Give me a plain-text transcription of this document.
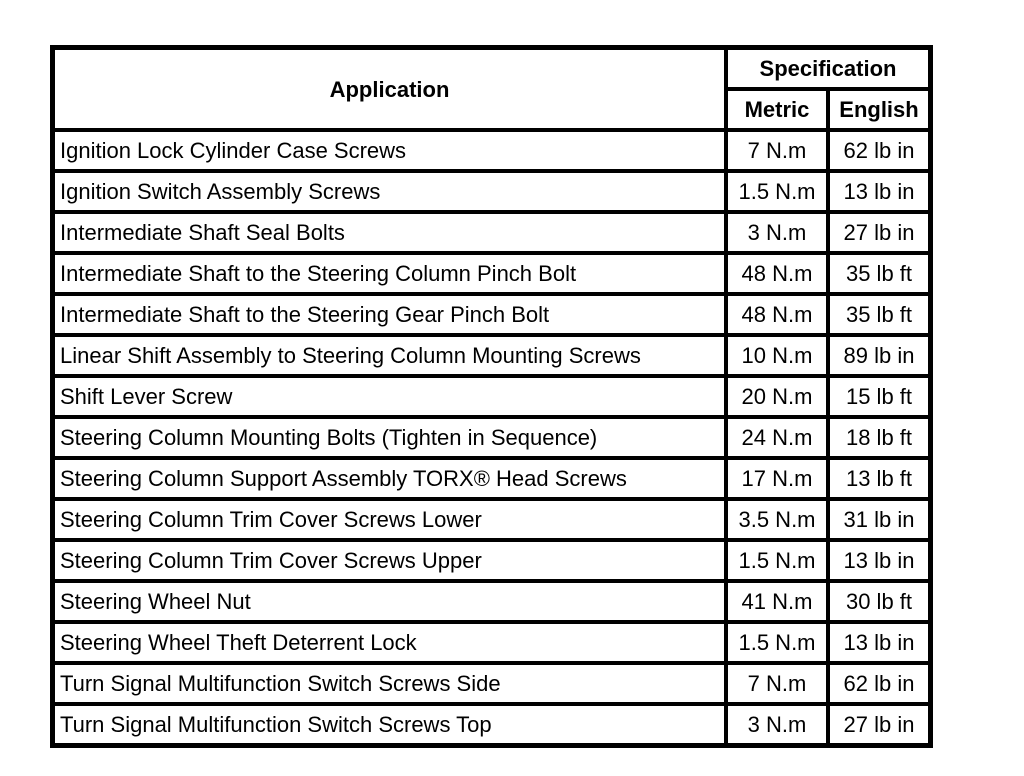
Application	Specification	
	Metric	English
Ignition Lock Cylinder Case Screws	7 N.m	62 lb in
Ignition Switch Assembly Screws	1.5 N.m	13 lb in
Intermediate Shaft Seal Bolts	3 N.m	27 lb in
Intermediate Shaft to the Steering Column Pinch Bolt	48 N.m	35 lb ft
Intermediate Shaft to the Steering Gear Pinch Bolt	48 N.m	35 lb ft
Linear Shift Assembly to Steering Column Mounting Screws	10 N.m	89 lb in
Shift Lever Screw	20 N.m	15 lb ft
Steering Column Mounting Bolts (Tighten in Sequence)	24 N.m	18 lb ft
Steering Column Support Assembly TORX® Head Screws	17 N.m	13 lb ft
Steering Column Trim Cover Screws Lower	3.5 N.m	31 lb in
Steering Column Trim Cover Screws Upper	1.5 N.m	13 lb in
Steering Wheel Nut	41 N.m	30 lb ft
Steering Wheel Theft Deterrent Lock	1.5 N.m	13 lb in
Turn Signal Multifunction Switch Screws Side	7 N.m	62 lb in
Turn Signal Multifunction Switch Screws Top	3 N.m	27 lb in
